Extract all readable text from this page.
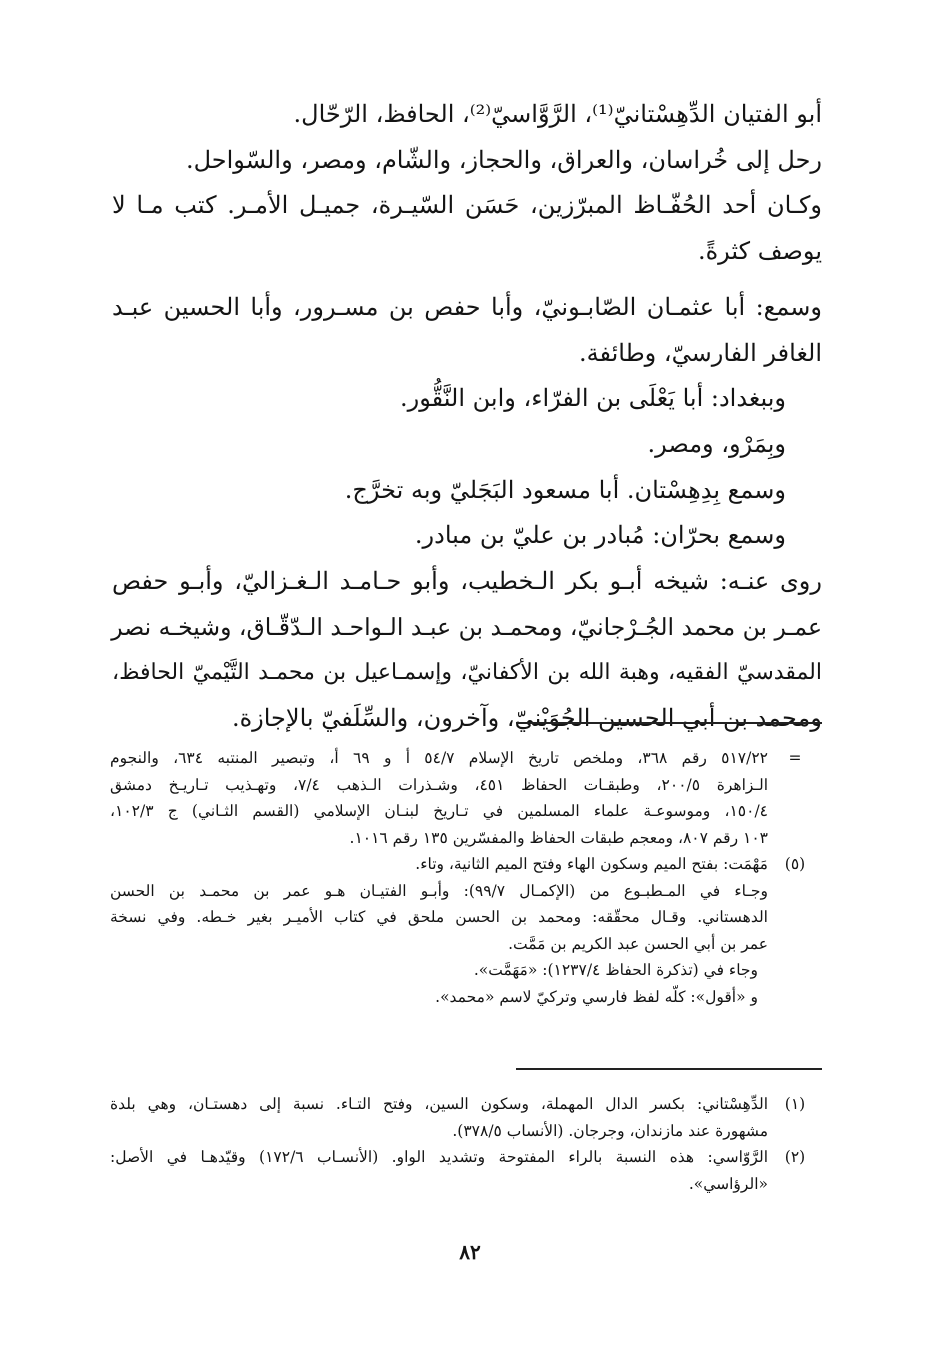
أبو الفتيان الدِّهِسْتانيّ⁽¹⁾، الرَّوَّاسيّ⁽²⁾، الحافظ، الرّحّال.
رحل إلى خُراسان، والعراق، والحجاز، والشّام، ومصر، والسّواحل.
وكـان أحد الحُفّـاظ المبرّزين، حَسَن السّيـرة، جميـل الأمـر. كتب مـا لا
يوصف كثرةً.
وسمع: أبا عثمـان الصّابـونيّ، وأبا حفص بن مسـرور، وأبا الحسين عبـد
الغافر الفارسيّ، وطائفة.
وببغداد: أبا يَعْلَى بن الفرّاء، وابن النَّقُّور.
وبِمَرْو، ومصر.
وسمع بِدِهِسْتان. أبا مسعود البَجَليّ وبه تخرَّج.
وسمع بحرّان: مُبادر بن عليّ بن مبادر.
روى عنـه: شيخه أبـو بكر الـخطيب، وأبو حـامـد الـغـزاليّ، وأبـو حفص
عمـر بن محمد الجُـرْجانيّ، ومحمـد بن عبـد الـواحـد الـدّقّـاق، وشيخـه نصر
المقدسيّ الفقيه، وهبة الله بن الأكفانيّ، وإسمـاعيل بن محمـد التَّيْميّ الحافظ،
ومحمد بن أبي الحسين الجُوَيْنيّ، وآخرون، والسِّلَفيّ بالإجازة.
=
٥١٧/٢٢ رقم ٣٦٨، وملخص تاريخ الإسلام ٥٤/٧ أ و ٦٩ أ، وتبصير المنتبه ٦٣٤، والنجوم
الـزاهرة ٢٠٠/٥، وطبقـات الحفاظ ٤٥١، وشـذرات الـذهب ٧/٤، وتهـذيب تـاريـخ دمشق
١٥٠/٤، وموسوعـة علماء المسلمين في تـاريخ لبنـان الإسلامي (القسم الثـاني) ج ١٠٢/٣،
١٠٣ رقم ٨٠٧، ومعجم طبقات الحفاظ والمفسّرين ١٣٥ رقم ١٠١٦.
(٥)
مَهْمَت: بفتح الميم وسكون الهاء وفتح الميم الثانية، وتاء.
وجـاء في المـطبـوع من (الإكمـال ٩٩/٧): وأبـو الفتيـان هـو عمر بن محمـد بن الحسن
الدهستاني. وقـال محقّقه: ومحمد بن الحسن ملحق في كتاب الأميـر بغير خـطه. وفي نسخة
عمر بن أبي الحسن عبد الكريم بن مَمَّت.
وجاء في (تذكرة الحفاظ ١٢٣٧/٤): «مَهَمَّت».
و «أقول»: كلّه لفظ فارسي وتركيّ لاسم «محمد».
(١)
الدِّهِسْتاني: بكسر الدال المهملة، وسكون السين، وفتح التـاء. نسبة إلى دهستـان، وهي بلدة
مشهورة عند مازندان، وجرجان. (الأنساب ٣٧٨/٥).
(٢)
الرَّوّاسي: هذه النسبة بالراء المفتوحة وتشديد الواو. (الأنسـاب ١٧٢/٦) وقيّدهـا في الأصل:
«الرؤاسي».
٨٢
